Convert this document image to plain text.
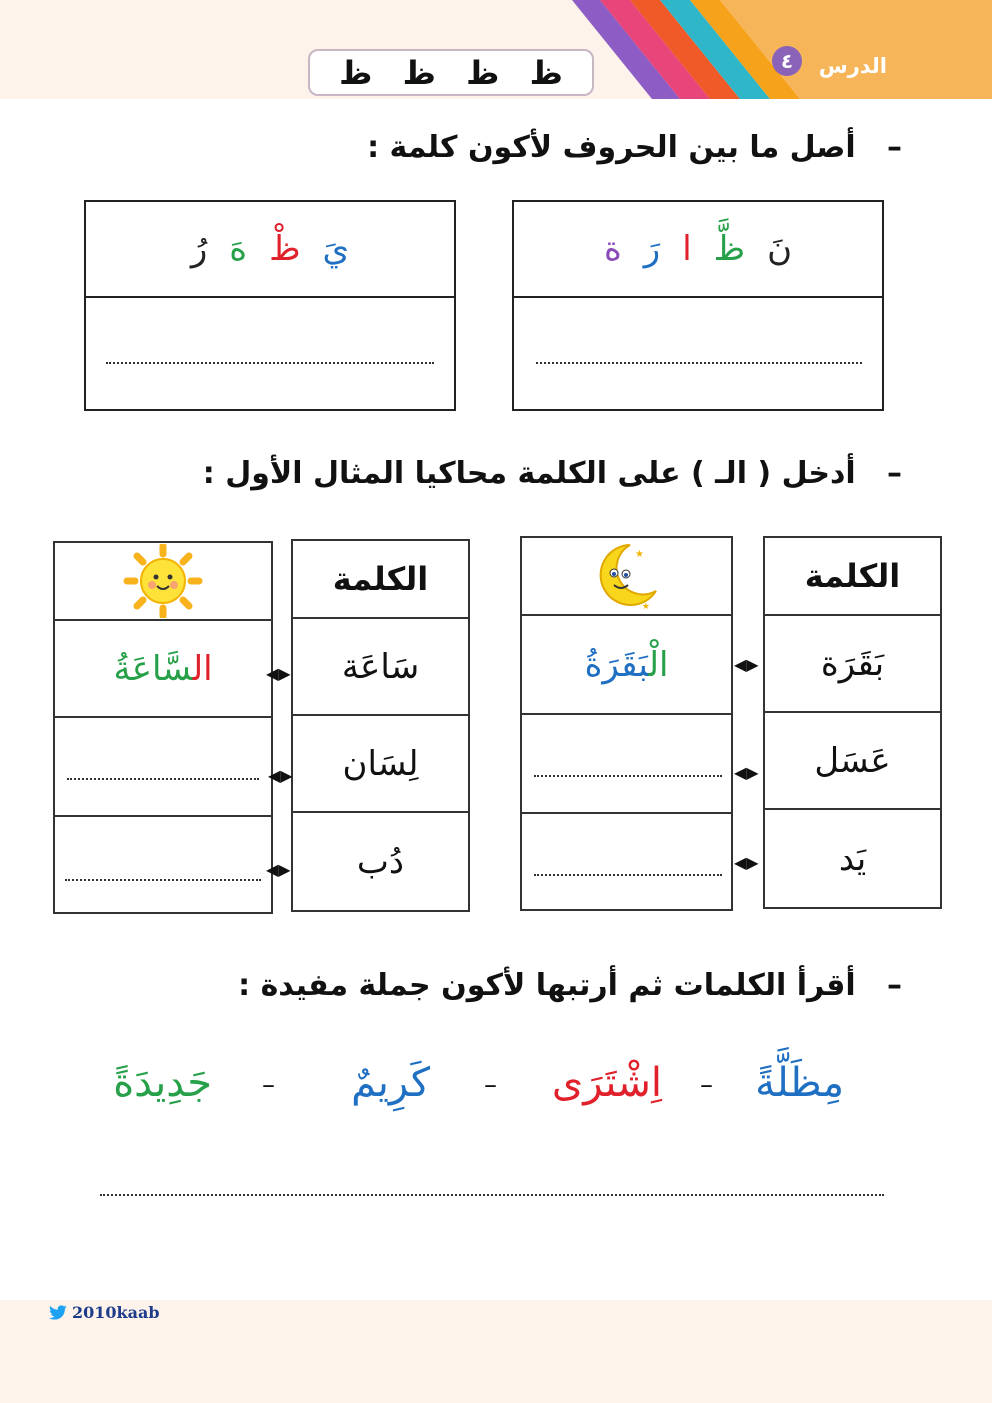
الدرس
٤
ظ
ظ
ظ
ظ
–   أصل ما بين الحروف لأكون كلمة :
نَ
ظَّ
ا
رَ
ة
يَ
ظْ
هَ
رُ
–   أدخل ( الـ ) على الكلمة محاكيا المثال الأول :
الكلمة
بَقَرَة
عَسَل
يَد
★
★
الْبَقَرَةُ	◀▶
◀▶
◀▶
الكلمة
سَاعَة
لِسَان
دُب
السَّاعَةُ	◀▶
◀▶
◀▶
–   أقرأ الكلمات ثم أرتبها لأكون جملة مفيدة :
مِظَلَّةً
–
اِشْتَرَى
–
كَرِيمٌ
–
جَدِيدَةً
2010kaab
